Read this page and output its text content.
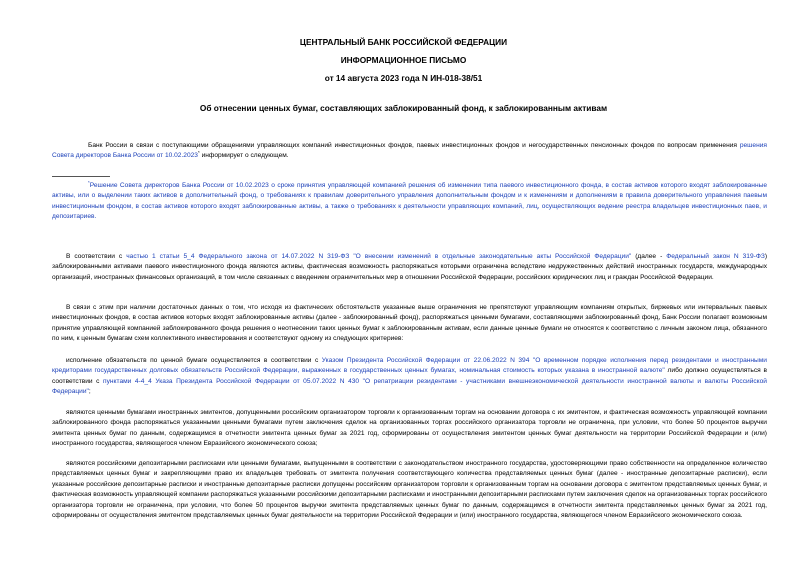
ЦЕНТРАЛЬНЫЙ БАНК РОССИЙСКОЙ ФЕДЕРАЦИИ
ИНФОРМАЦИОННОЕ ПИСЬМО
от 14 августа 2023 года N ИН-018-38/51
Об отнесении ценных бумаг, составляющих заблокированный фонд, к заблокированным активам

Банк России в связи с поступающими обращениями управляющих компаний инвестиционных фондов, паевых инвестиционных фондов и негосударственных пенсионных фондов по вопросам применения решения Совета директоров Банка России от 10.02.2023* информирует о следующем.

*Решение Совета директоров Банка России от 10.02.2023 о сроке принятия управляющей компанией решения об изменении типа паевого инвестиционного фонда, в состав активов которого входят заблокированные активы, или о выделении таких активов в дополнительный фонд, о требованиях к правилам доверительного управления дополнительным фондом и к изменениям и дополнениям в правила доверительного управления паевым инвестиционным фондом, в состав активов которого входят заблокированные активы, а также о требованиях к деятельности управляющих компаний, лиц, осуществляющих ведение реестра владельцев инвестиционных паев, и депозитариев.

В соответствии с частью 1 статьи 5_4 Федерального закона от 14.07.2022 N 319-ФЗ "О внесении изменений в отдельные законодательные акты Российской Федерации" (далее - Федеральный закон N 319-ФЗ) заблокированными активами паевого инвестиционного фонда являются активы, фактическая возможность распоряжаться которыми ограничена вследствие недружественных действий иностранных государств, международных организаций, иностранных финансовых организаций, в том числе связанных с введением ограничительных мер в отношении Российской Федерации, российских юридических лиц и граждан Российской Федерации.

В связи с этим при наличии достаточных данных о том, что исходя из фактических обстоятельств указанные выше ограничения не препятствуют управляющим компаниям открытых, биржевых или интервальных паевых инвестиционных фондов, в состав активов которых входят заблокированные активы (далее - заблокированный фонд), распоряжаться ценными бумагами, составляющими заблокированный фонд, Банк России полагает возможным принятие управляющей компанией заблокированного фонда решения о неотнесении таких ценных бумаг к заблокированным активам, если данные ценные бумаги не относятся к соответствию с личным законом лица, обязанного по ним, к ценным бумагам схем коллективного инвестирования и соответствуют одному из следующих критериев:

исполнение обязательств по ценной бумаге осуществляется в соответствии с Указом Президента Российской Федерации от 22.06.2022 N 394 "О временном порядке исполнения перед резидентами и иностранными кредиторами государственных долговых обязательств Российской Федерации, выраженных в государственных ценных бумагах, номинальная стоимость которых указана в иностранной валюте" либо должно осуществляться в соответствии с пунктами 4-4_4 Указа Президента Российской Федерации от 05.07.2022 N 430 "О репатриации резидентами - участниками внешнеэкономической деятельности иностранной валюты и валюты Российской Федерации";

являются ценными бумагами иностранных эмитентов, допущенными российским организатором торговли к организованным торгам на основании договора с их эмитентом, и фактическая возможность управляющей компании заблокированного фонда распоряжаться указанными ценными бумагами путем заключения сделок на организованных торгах российского организатора торговли не ограничена, при условии, что более 50 процентов выручки эмитента ценных бумаг по данным, содержащимся в отчетности эмитента ценных бумаг за 2021 год, сформированы от осуществления эмитентом ценных бумаг деятельности на территории Российской Федерации и (или) иностранного государства, являющегося членом Евразийского экономического союза;

являются российскими депозитарными расписками или ценными бумагами, выпущенными в соответствии с законодательством иностранного государства, удостоверяющими право собственности на определенное количество представляемых ценных бумаг и закрепляющими право их владельцев требовать от эмитента получения соответствующего количества представляемых ценных бумаг (далее - иностранные депозитарные расписки), если указанные российские депозитарные расписки и иностранные депозитарные расписки допущены российским организатором торговли к организованным торгам на основании договора с эмитентом представляемых ценных бумаг, и фактическая возможность управляющей компании распоряжаться указанными российскими депозитарными расписками и иностранными депозитарными расписками путем заключения сделок на организованных торгах российского организатора торговли не ограничена, при условии, что более 50 процентов выручки эмитента представляемых ценных бумаг по данным, содержащимся в отчетности эмитента представляемых ценных бумаг за 2021 год, сформированы от осуществления эмитентом представляемых ценных бумаг деятельности на территории Российской Федерации и (или) иностранного государства, являющегося членом Евразийского экономического союза.
